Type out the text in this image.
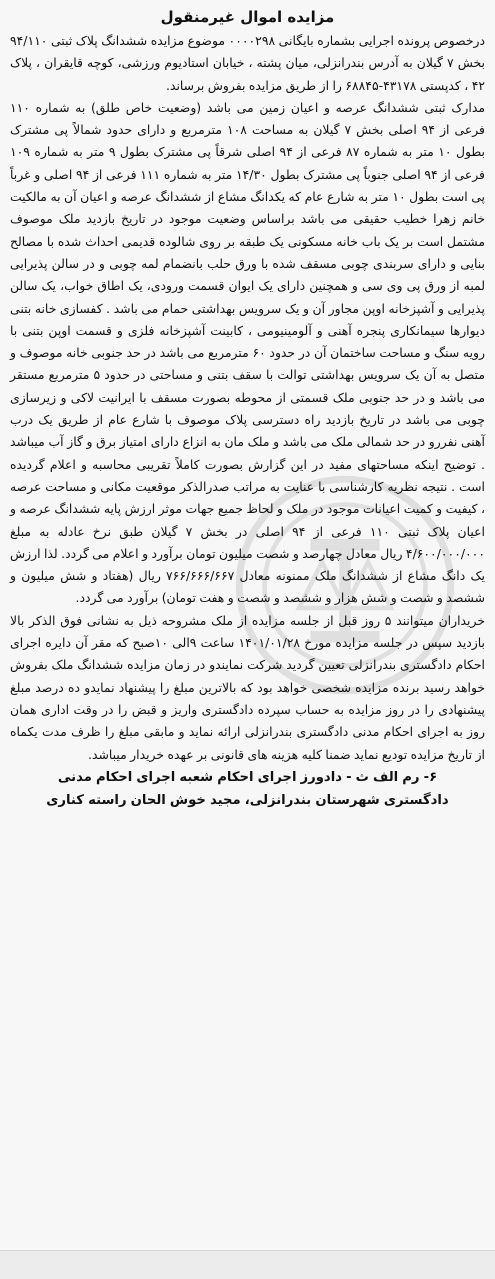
مزایده اموال غیرمنقول

درخصوص پرونده اجرایی بشماره بایگانی ۰۰۰۰۲۹۸ موضوع مزایده ششدانگ پلاک ثبتی ۹۴/۱۱۰ بخش ۷ گیلان به آدرس بندرانزلی، میان پشته ، خیابان استادیوم ورزشی، کوچه قایقران ، پلاک ۴۲ ، کدپستی ۴۳۱۷۸-۶۸۸۴۵ را از طریق مزایده بفروش برساند.

مدارک ثبتی ششدانگ عرصه و اعیان زمین می باشد (وضعیت خاص طلق) به شماره ۱۱۰ فرعی از ۹۴ اصلی بخش ۷ گیلان به مساحت ۱۰۸ مترمربع و دارای حدود شمالاً پی مشترک بطول ۱۰ متر به شماره ۸۷ فرعی از ۹۴ اصلی شرقاً پی مشترک بطول ۹ متر به شماره ۱۰۹ فرعی از ۹۴ اصلی جنوباً پی مشترک بطول ۱۴/۳۰ متر به شماره ۱۱۱ فرعی از ۹۴ اصلی و غرباً پی است بطول ۱۰ متر به شارع عام که یکدانگ مشاع از ششدانگ عرصه و اعیان آن به مالکیت خانم زهرا خطیب حقیقی می باشد براساس وضعیت موجود در تاریخ بازدید ملک موصوف مشتمل است بر یک باب خانه مسکونی یک طبقه بر روی شالوده قدیمی احداث شده با مصالح بنایی و دارای سربندی چوبی مسقف شده با ورق حلب بانضمام لمه چوبی و در سالن پذیرایی لمبه از ورق پی وی سی و همچنین دارای یک ایوان قسمت ورودی، یک اطاق خواب، یک سالن پذیرایی و آشپزخانه اوپن مجاور آن و یک سرویس بهداشتی حمام می باشد . کفسازی خانه بتنی دیوارها سیمانکاری پنجره آهنی و آلومینیومی ، کابینت آشپزخانه فلزی و قسمت اوپن بتنی با رویه سنگ و مساحت ساختمان آن در حدود ۶۰ مترمربع می باشد در حد جنوبی خانه موصوف و متصل به آن یک سرویس بهداشتی توالت با سقف بتنی و مساحتی در حدود ۵ مترمربع مستقر می باشد و در حد جنوبی ملک قسمتی از محوطه بصورت مسقف با ایرانیت لاکی و زیرسازی چوبی می باشد در تاریخ بازدید راه دسترسی پلاک موصوف با شارع عام از طریق یک درب آهنی نفررو در حد شمالی ملک می باشد و ملک مان به انزاع دارای امتیاز برق و گاز آب میباشد . توضیح اینکه مساحتهای مفید در این گزارش بصورت کاملاً تقریبی محاسبه و اعلام گردیده است . نتیجه نظریه کارشناسی با عنایت به مراتب صدرالذکر موقعیت مکانی و مساحت عرصه ، کیفیت و کمیت اعیانات موجود در ملک و لحاظ جمیع جهات موثر ارزش پایه ششدانگ عرصه و اعیان پلاک ثبتی ۱۱۰ فرعی از ۹۴ اصلی در بخش ۷ گیلان طبق نرخ عادله به مبلغ ۴/۶۰۰/۰۰۰/۰۰۰ ریال معادل چهارصد و شصت میلیون تومان برآورد و اعلام می گردد. لذا ارزش یک دانگ مشاع از ششدانگ ملک ممنونه معادل ۷۶۶/۶۶۶/۶۶۷ ریال (هفتاد و شش میلیون و ششصد و شصت و شش هزار و ششصد و شصت و هفت تومان) برآورد می گردد.

خریداران میتوانند ۵ روز قبل از جلسه مزایده از ملک مشروحه ذیل به نشانی فوق الذکر بالا بازدید سپس در جلسه مزایده مورخ ۱۴۰۱/۰۱/۲۸ ساعت ۹الی ۱۰صبح که مقر آن دایره اجرای احکام دادگستری بندرانزلی تعیین گردید شرکت نمایندو در زمان مزایده ششدانگ ملک بفروش خواهد رسید برنده مزایده شخصی خواهد بود که بالاترین مبلغ را پیشنهاد نمایدو ده درصد مبلغ پیشنهادی را در روز مزایده به حساب سپرده دادگستری واریز و قبض را در وقت اداری همان روز به اجرای احکام مدنی دادگستری بندرانزلی ارائه نماید و مابقی مبلغ را ظرف مدت یکماه از تاریخ مزایده تودیع نماید ضمنا کلیه هزینه های قانونی بر عهده خریدار میباشد.

۶- رم الف ث - دادورز اجرای احکام شعبه اجرای احکام مدنی

دادگستری شهرستان بندرانزلی، مجید خوش الحان راسته کناری
